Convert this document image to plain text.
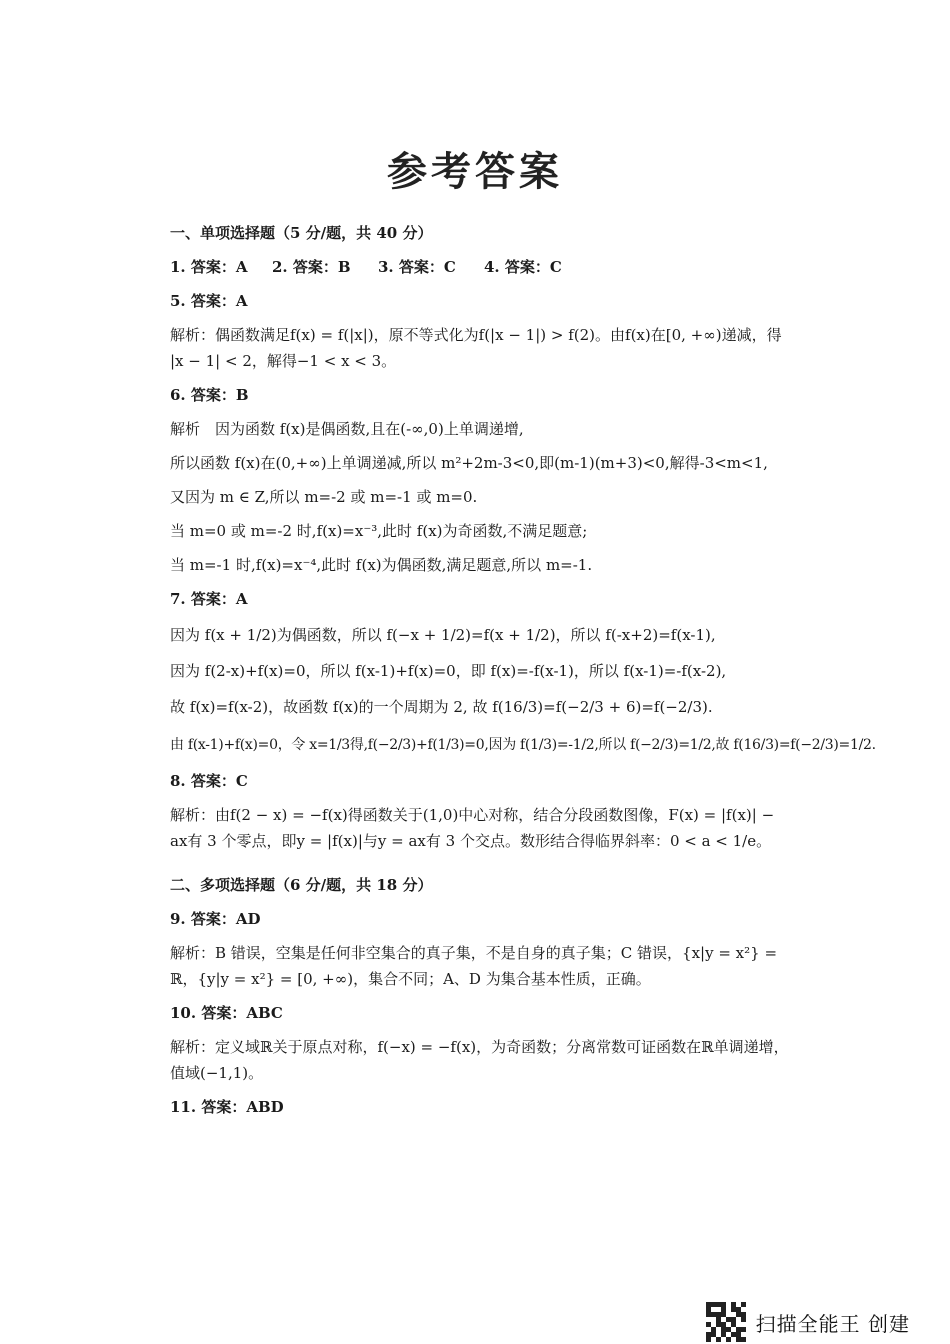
参考答案
一、单项选择题（5 分/题，共 40 分）
1. 答案：A	2. 答案：B	3. 答案：C	4. 答案：C
5. 答案：A
解析：偶函数满足f(x) = f(|x|)，原不等式化为f(|x − 1|) > f(2)。由f(x)在[0, +∞)递减，得
|x − 1| < 2，解得−1 < x < 3。
6. 答案：B
解析　因为函数 f(x)是偶函数,且在(-∞,0)上单调递增,
所以函数 f(x)在(0,+∞)上单调递减,所以 m²+2m-3<0,即(m-1)(m+3)<0,解得-3<m<1,
又因为 m ∈ Z,所以 m=-2 或 m=-1 或 m=0.
当 m=0 或 m=-2 时,f(x)=x⁻³,此时 f(x)为奇函数,不满足题意;
当 m=-1 时,f(x)=x⁻⁴,此时 f(x)为偶函数,满足题意,所以 m=-1.
7. 答案：A
因为 f(x + 1/2)为偶函数，所以 f(−x + 1/2)=f(x + 1/2)，所以 f(-x+2)=f(x-1),
因为 f(2-x)+f(x)=0，所以 f(x-1)+f(x)=0，即 f(x)=-f(x-1)，所以 f(x-1)=-f(x-2),
故 f(x)=f(x-2)，故函数 f(x)的一个周期为 2, 故 f(16/3)=f(−2/3 + 6)=f(−2/3).
由 f(x-1)+f(x)=0，令 x=1/3得,f(−2/3)+f(1/3)=0,因为 f(1/3)=-1/2,所以 f(−2/3)=1/2,故 f(16/3)=f(−2/3)=1/2.
8. 答案：C
解析：由f(2 − x) = −f(x)得函数关于(1,0)中心对称，结合分段函数图像，F(x) = |f(x)| −
ax有 3 个零点，即y = |f(x)|与y = ax有 3 个交点。数形结合得临界斜率：0 < a < 1/e。
二、多项选择题（6 分/题，共 18 分）
9. 答案：AD
解析：B 错误，空集是任何非空集合的真子集，不是自身的真子集；C 错误，{x|y = x²} =
ℝ，{y|y = x²} = [0, +∞)，集合不同；A、D 为集合基本性质，正确。
10. 答案：ABC
解析：定义域ℝ关于原点对称，f(−x) = −f(x)，为奇函数；分离常数可证函数在ℝ单调递增，
值域(−1,1)。
11. 答案：ABD
扫描全能王 创建
